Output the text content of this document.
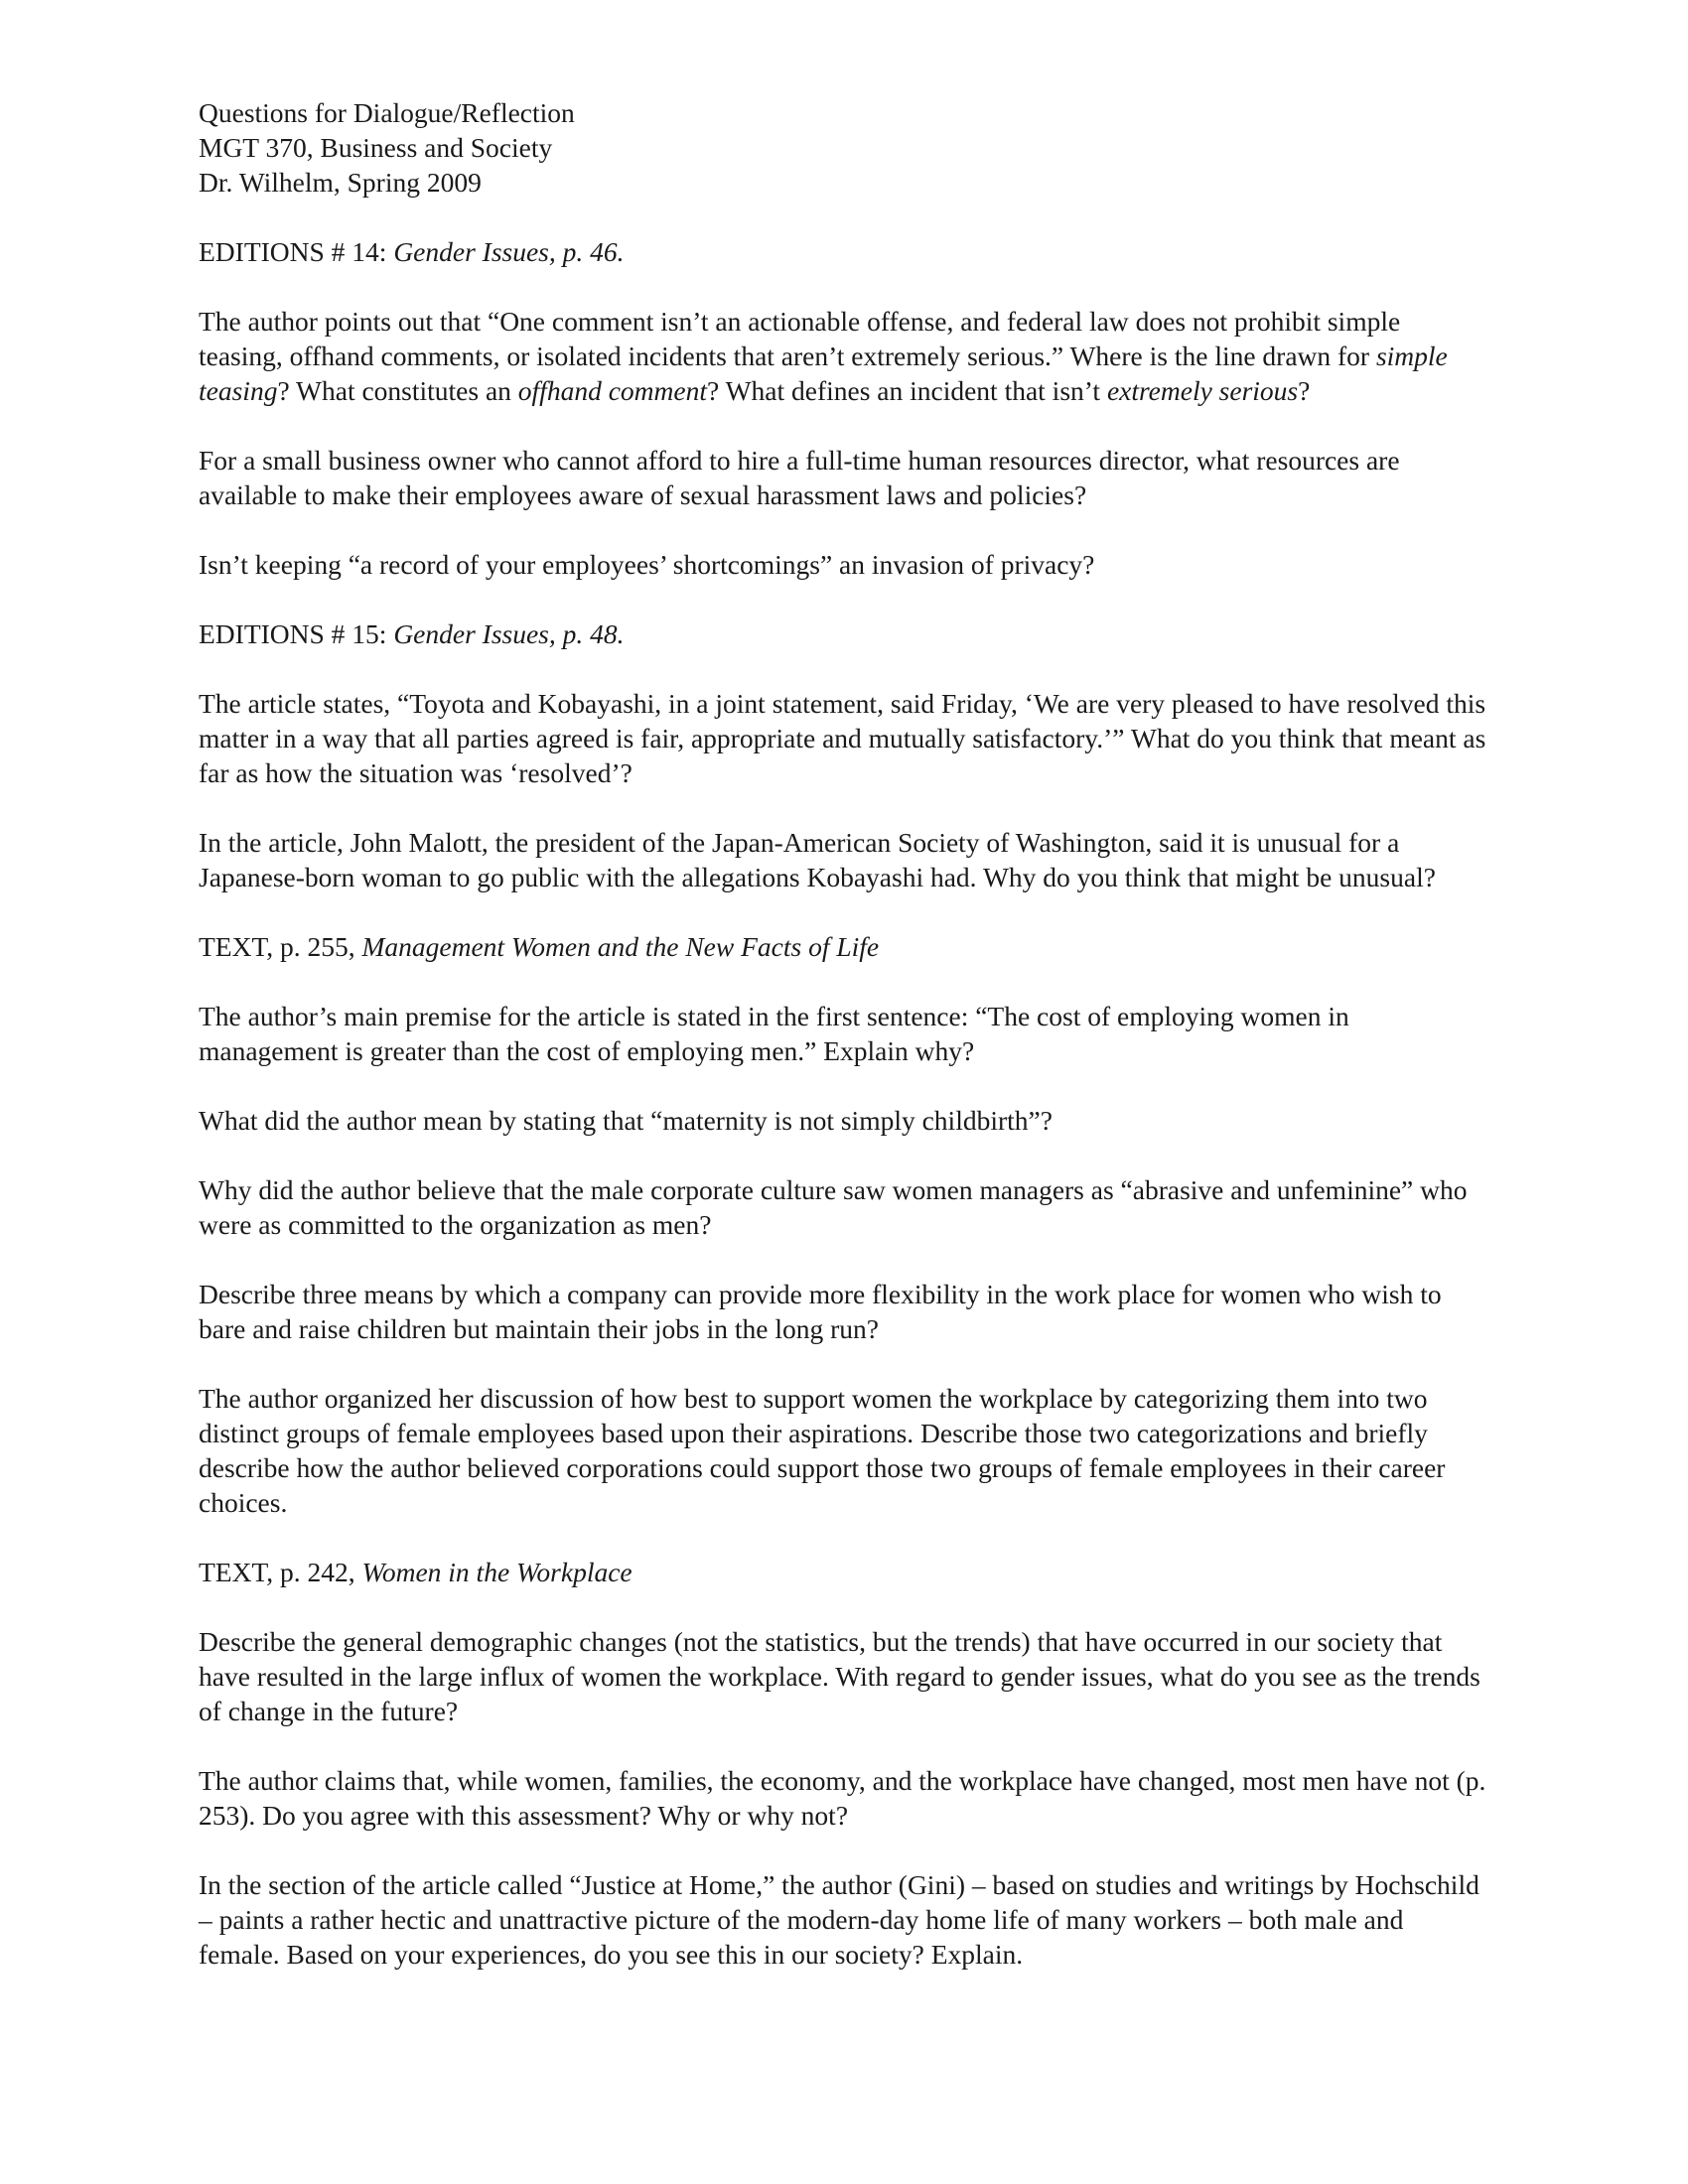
Questions for Dialogue/Reflection
MGT 370, Business and Society
Dr. Wilhelm, Spring 2009
EDITIONS # 14: Gender Issues, p. 46.

The author points out that “One comment isn’t an actionable offense, and federal law does not prohibit simple teasing, offhand comments, or isolated incidents that aren’t extremely serious.” Where is the line drawn for simple teasing? What constitutes an offhand comment? What defines an incident that isn’t extremely serious?

For a small business owner who cannot afford to hire a full-time human resources director, what resources are available to make their employees aware of sexual harassment laws and policies?

Isn’t keeping “a record of your employees’ shortcomings” an invasion of privacy?

EDITIONS # 15: Gender Issues, p. 48.

The article states, “Toyota and Kobayashi, in a joint statement, said Friday, ‘We are very pleased to have resolved this matter in a way that all parties agreed is fair, appropriate and mutually satisfactory.’” What do you think that meant as far as how the situation was ‘resolved’?

In the article, John Malott, the president of the Japan-American Society of Washington, said it is unusual for a Japanese-born woman to go public with the allegations Kobayashi had. Why do you think that might be unusual?

TEXT, p. 255, Management Women and the New Facts of Life

The author’s main premise for the article is stated in the first sentence: “The cost of employing women in management is greater than the cost of employing men.” Explain why?

What did the author mean by stating that “maternity is not simply childbirth”?

Why did the author believe that the male corporate culture saw women managers as “abrasive and unfeminine” who were as committed to the organization as men?

Describe three means by which a company can provide more flexibility in the work place for women who wish to bare and raise children but maintain their jobs in the long run?

The author organized her discussion of how best to support women the workplace by categorizing them into two distinct groups of female employees based upon their aspirations. Describe those two categorizations and briefly describe how the author believed corporations could support those two groups of female employees in their career choices.

TEXT, p. 242, Women in the Workplace

Describe the general demographic changes (not the statistics, but the trends) that have occurred in our society that have resulted in the large influx of women the workplace. With regard to gender issues, what do you see as the trends of change in the future?

The author claims that, while women, families, the economy, and the workplace have changed, most men have not (p. 253). Do you agree with this assessment? Why or why not?

In the section of the article called “Justice at Home,” the author (Gini) – based on studies and writings by Hochschild – paints a rather hectic and unattractive picture of the modern-day home life of many workers – both male and female. Based on your experiences, do you see this in our society? Explain.
